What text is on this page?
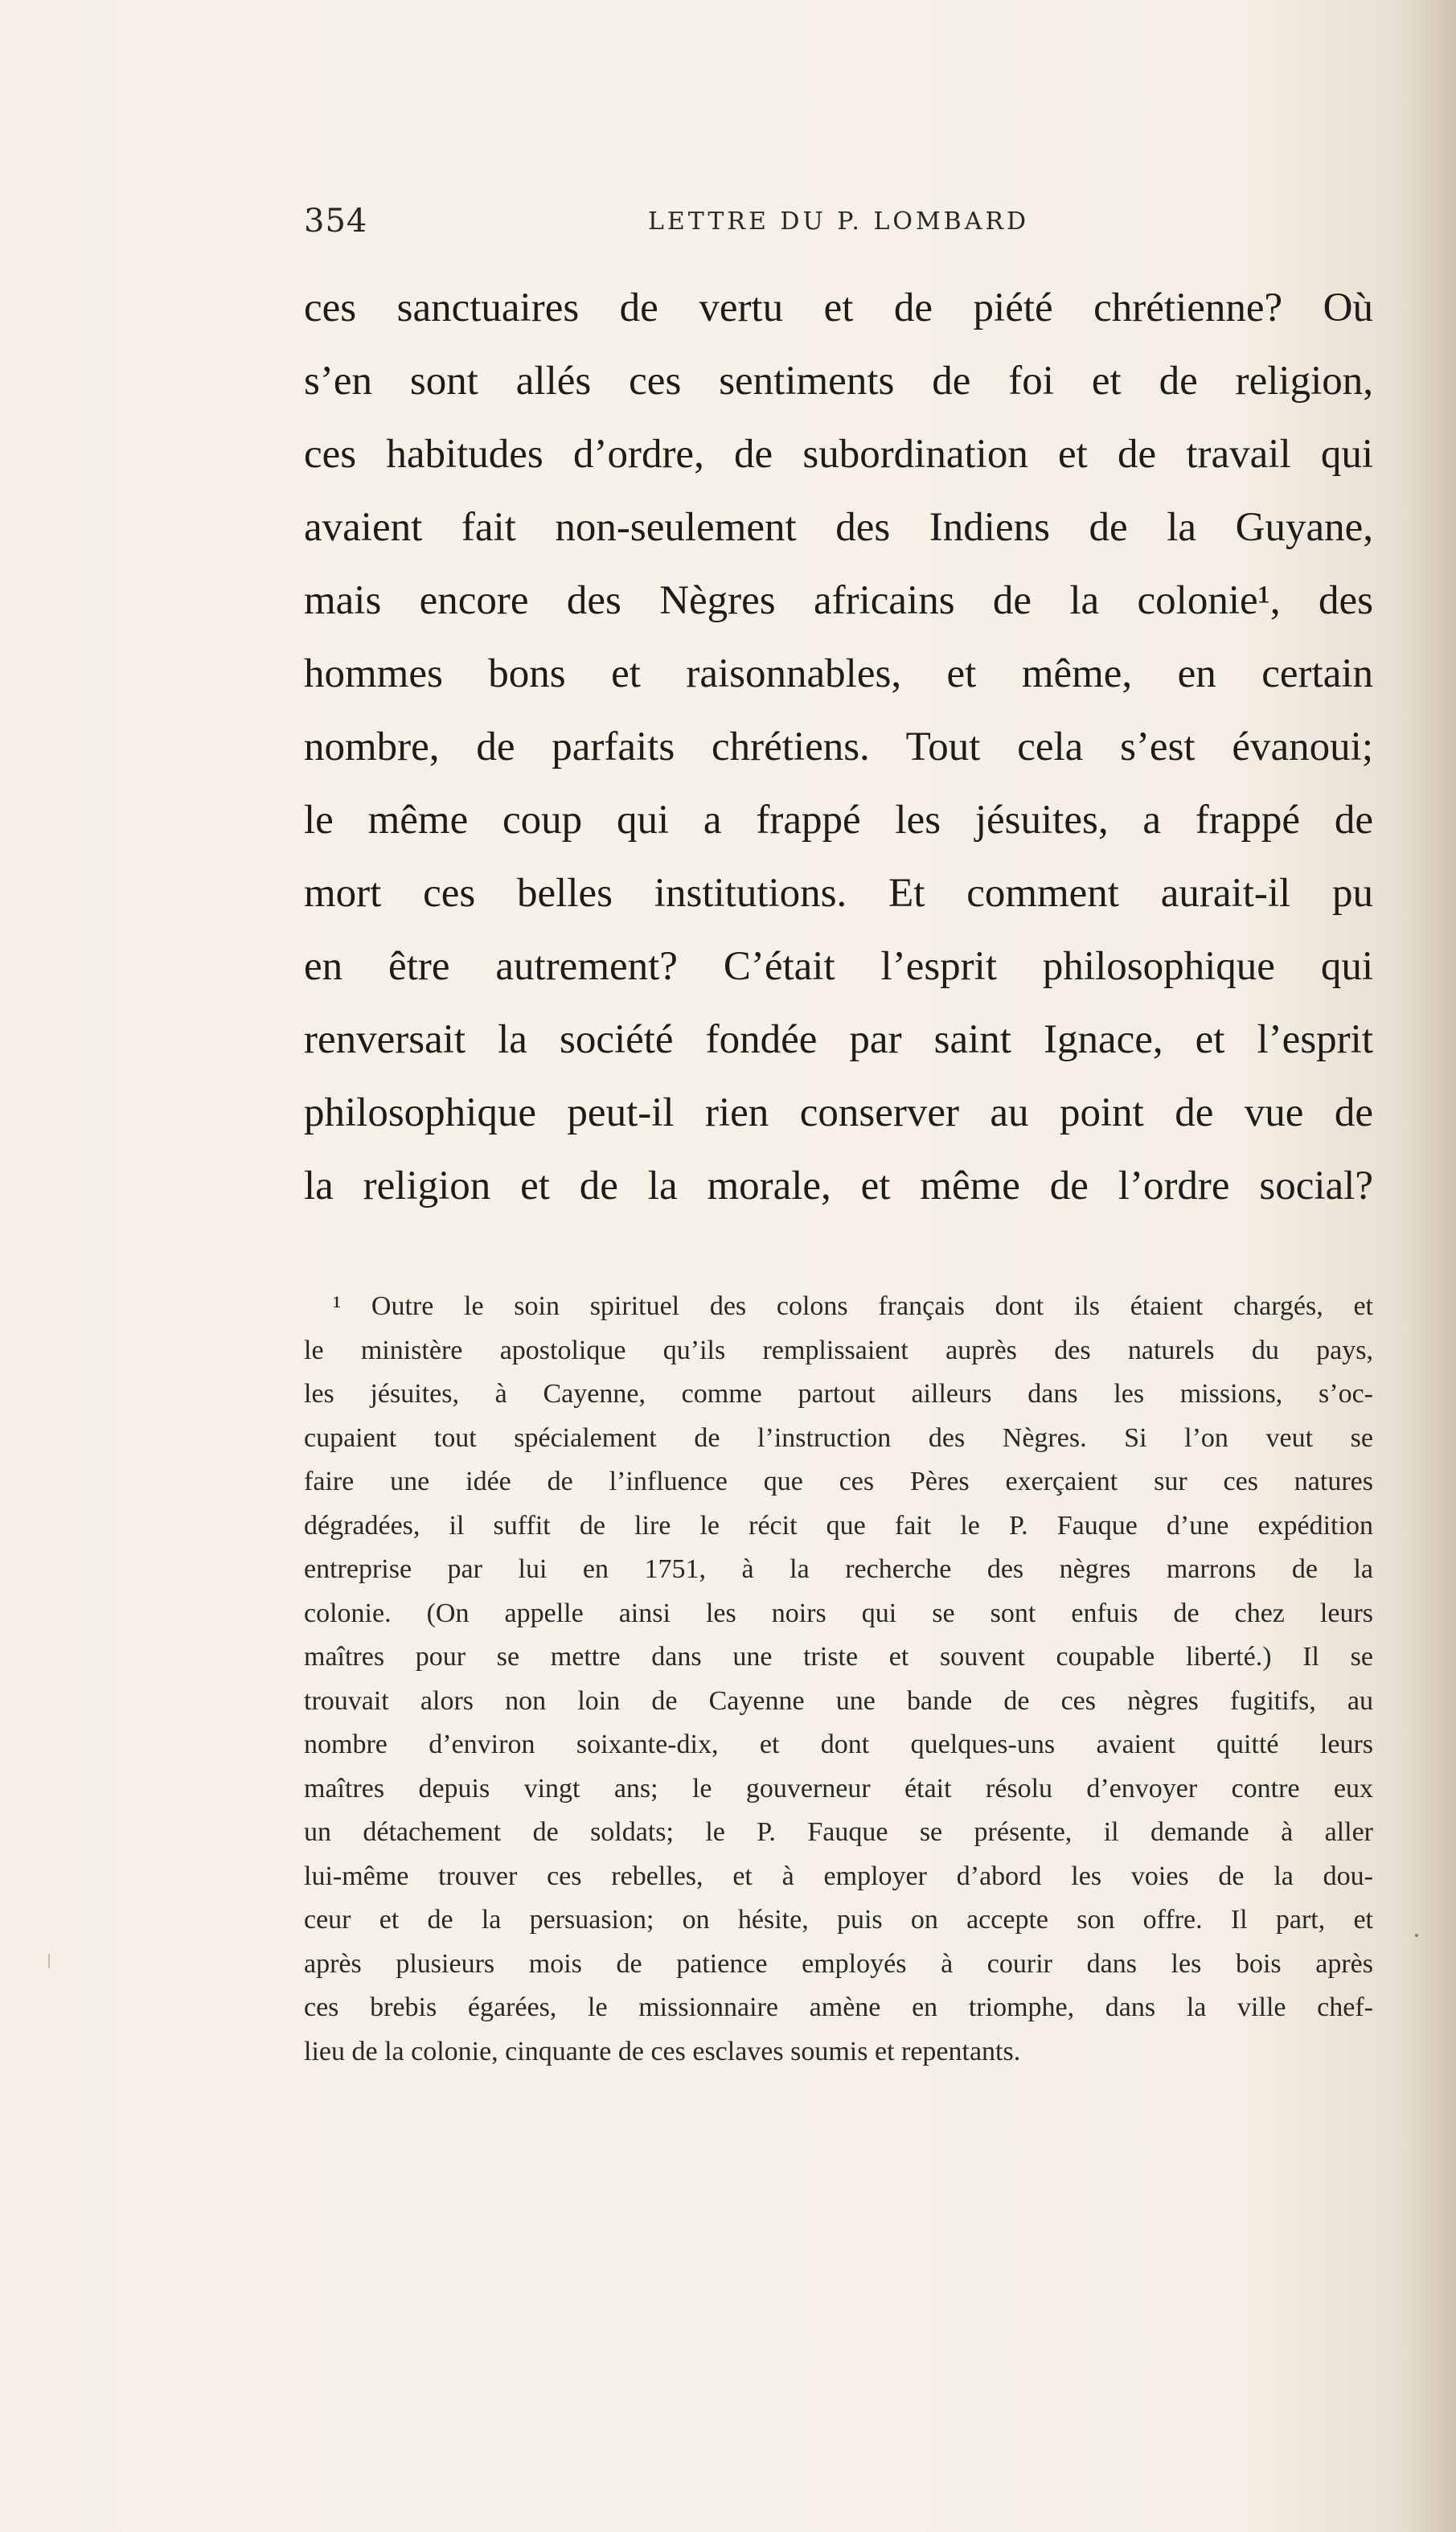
354	LETTRE DU P. LOMBARD
ces sanctuaires de vertu et de piété chrétienne? Où
s’en sont allés ces sentiments de foi et de religion,
ces habitudes d’ordre, de subordination et de travail qui
avaient fait non-seulement des Indiens de la Guyane,
mais encore des Nègres africains de la colonie¹, des
hommes bons et raisonnables, et même, en certain
nombre, de parfaits chrétiens. Tout cela s’est évanoui;
le même coup qui a frappé les jésuites, a frappé de
mort ces belles institutions. Et comment aurait-il pu
en être autrement? C’était l’esprit philosophique qui
renversait la société fondée par saint Ignace, et l’esprit
philosophique peut-il rien conserver au point de vue de
la religion et de la morale, et même de l’ordre social?
¹ Outre le soin spirituel des colons français dont ils étaient chargés, et
le ministère apostolique qu’ils remplissaient auprès des naturels du pays,
les jésuites, à Cayenne, comme partout ailleurs dans les missions, s’oc-
cupaient tout spécialement de l’instruction des Nègres. Si l’on veut se
faire une idée de l’influence que ces Pères exerçaient sur ces natures
dégradées, il suffit de lire le récit que fait le P. Fauque d’une expédition
entreprise par lui en 1751, à la recherche des nègres marrons de la
colonie. (On appelle ainsi les noirs qui se sont enfuis de chez leurs
maîtres pour se mettre dans une triste et souvent coupable liberté.) Il se
trouvait alors non loin de Cayenne une bande de ces nègres fugitifs, au
nombre d’environ soixante-dix, et dont quelques-uns avaient quitté leurs
maîtres depuis vingt ans; le gouverneur était résolu d’envoyer contre eux
un détachement de soldats; le P. Fauque se présente, il demande à aller
lui-même trouver ces rebelles, et à employer d’abord les voies de la dou-
ceur et de la persuasion; on hésite, puis on accepte son offre. Il part, et
après plusieurs mois de patience employés à courir dans les bois après
ces brebis égarées, le missionnaire amène en triomphe, dans la ville chef-
lieu de la colonie, cinquante de ces esclaves soumis et repentants.
